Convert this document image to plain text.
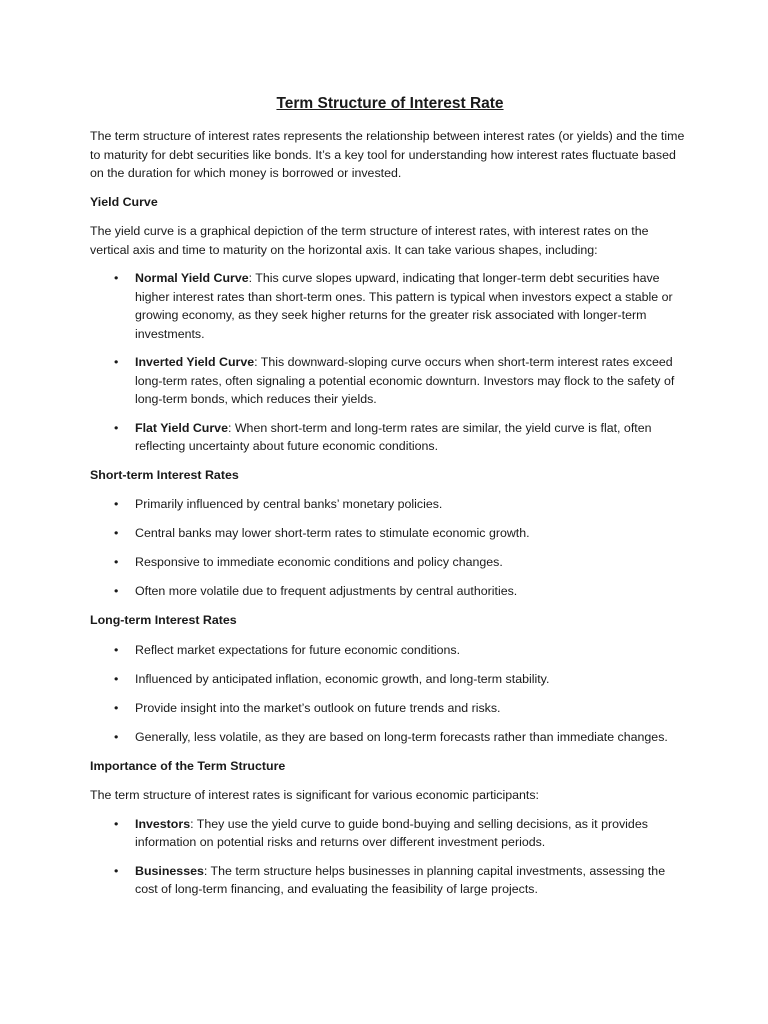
Term Structure of Interest Rate

The term structure of interest rates represents the relationship between interest rates (or yields) and the time to maturity for debt securities like bonds. It’s a key tool for understanding how interest rates fluctuate based on the duration for which money is borrowed or invested.

Yield Curve

The yield curve is a graphical depiction of the term structure of interest rates, with interest rates on the vertical axis and time to maturity on the horizontal axis. It can take various shapes, including:

• Normal Yield Curve: This curve slopes upward, indicating that longer-term debt securities have higher interest rates than short-term ones. This pattern is typical when investors expect a stable or growing economy, as they seek higher returns for the greater risk associated with longer-term investments.
• Inverted Yield Curve: This downward-sloping curve occurs when short-term interest rates exceed long-term rates, often signaling a potential economic downturn. Investors may flock to the safety of long-term bonds, which reduces their yields.
• Flat Yield Curve: When short-term and long-term rates are similar, the yield curve is flat, often reflecting uncertainty about future economic conditions.
Short-term Interest Rates
• Primarily influenced by central banks’ monetary policies.
• Central banks may lower short-term rates to stimulate economic growth.
• Responsive to immediate economic conditions and policy changes.
• Often more volatile due to frequent adjustments by central authorities.
Long-term Interest Rates
• Reflect market expectations for future economic conditions.
• Influenced by anticipated inflation, economic growth, and long-term stability.
• Provide insight into the market’s outlook on future trends and risks.
• Generally, less volatile, as they are based on long-term forecasts rather than immediate changes.
Importance of the Term Structure

The term structure of interest rates is significant for various economic participants:

• Investors: They use the yield curve to guide bond-buying and selling decisions, as it provides information on potential risks and returns over different investment periods.
• Businesses: The term structure helps businesses in planning capital investments, assessing the cost of long-term financing, and evaluating the feasibility of large projects.
